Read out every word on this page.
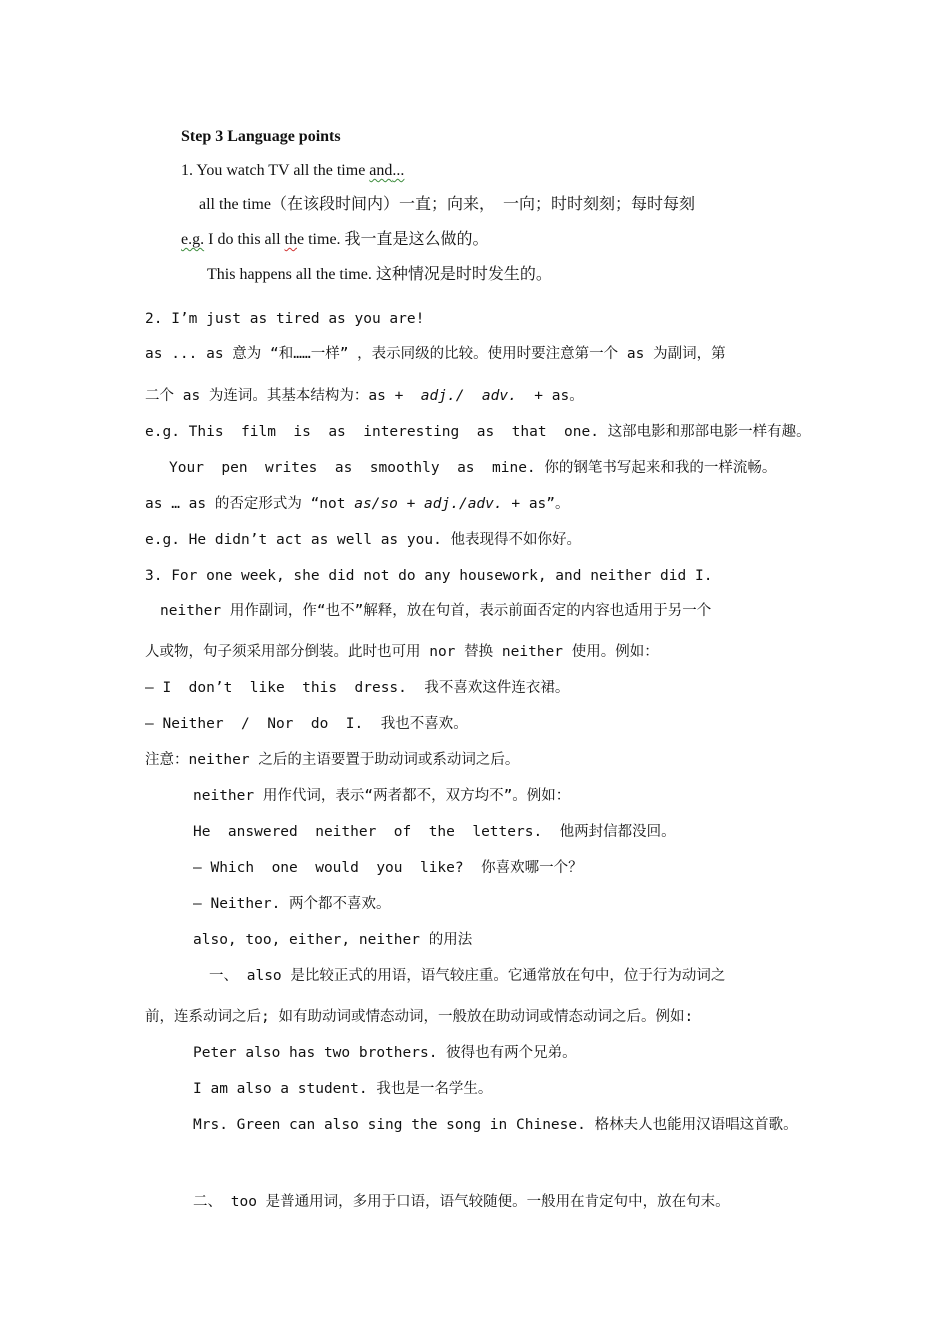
Step 3 Language points
1. You watch TV all the time and...
all the time（在该段时间内）一直；向来，  一向；时时刻刻；每时每刻
e.g. I do this all the time. 我一直是这么做的。
This happens all the time. 这种情况是时时发生的。
2. I’m just as tired as you are!
as ... as 意为 “和……一样” ，表示同级的比较。使用时要注意第一个 as 为副词，第
二个 as 为连词。其基本结构为：as +  adj./  adv.  + as。
e.g. This  film  is  as  interesting  as  that  one. 这部电影和那部电影一样有趣。
Your  pen  writes  as  smoothly  as  mine. 你的钢笔书写起来和我的一样流畅。
as … as 的否定形式为 “not as/so + adj./adv. + as”。
e.g. He didn’t act as well as you. 他表现得不如你好。
3. For one week, she did not do any housework, and neither did I.
neither 用作副词，作“也不”解释，放在句首，表示前面否定的内容也适用于另一个
人或物，句子须采用部分倒装。此时也可用 nor 替换 neither 使用。例如：
— I  don’t  like  this  dress.  我不喜欢这件连衣裙。
— Neither  /  Nor  do  I.  我也不喜欢。
注意：neither 之后的主语要置于助动词或系动词之后。
neither 用作代词，表示“两者都不，双方均不”。例如：
He  answered  neither  of  the  letters.  他两封信都没回。
— Which  one  would  you  like?  你喜欢哪一个？
— Neither. 两个都不喜欢。
also, too, either, neither 的用法
一、 also 是比较正式的用语，语气较庄重。它通常放在句中，位于行为动词之
前，连系动词之后; 如有助动词或情态动词，一般放在助动词或情态动词之后。例如:
Peter also has two brothers. 彼得也有两个兄弟。
I am also a student. 我也是一名学生。
Mrs. Green can also sing the song in Chinese. 格林夫人也能用汉语唱这首歌。
二、 too 是普通用词，多用于口语，语气较随便。一般用在肯定句中，放在句末。
